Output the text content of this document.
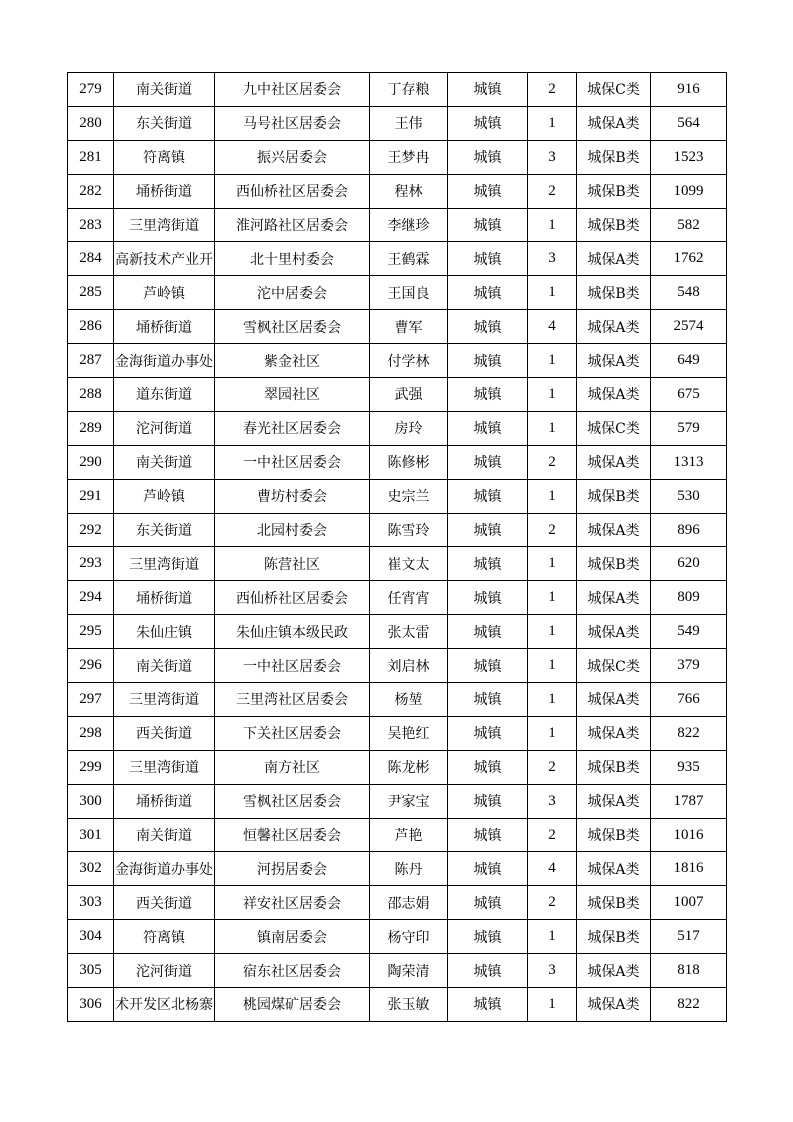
279	南关街道	九中社区居委会	丁存粮	城镇	2	城保C类	916
280	东关街道	马号社区居委会	王伟	城镇	1	城保A类	564
281	符离镇	振兴居委会	王梦冉	城镇	3	城保B类	1523
282	埇桥街道	西仙桥社区居委会	程林	城镇	2	城保B类	1099
283	三里湾街道	淮河路社区居委会	李继珍	城镇	1	城保B类	582
284	高新技术产业开	北十里村委会	王鹤霖	城镇	3	城保A类	1762
285	芦岭镇	沱中居委会	王国良	城镇	1	城保B类	548
286	埇桥街道	雪枫社区居委会	曹军	城镇	4	城保A类	2574
287	金海街道办事处	紫金社区	付学林	城镇	1	城保A类	649
288	道东街道	翠园社区	武强	城镇	1	城保A类	675
289	沱河街道	春光社区居委会	房玲	城镇	1	城保C类	579
290	南关街道	一中社区居委会	陈修彬	城镇	2	城保A类	1313
291	芦岭镇	曹坊村委会	史宗兰	城镇	1	城保B类	530
292	东关街道	北园村委会	陈雪玲	城镇	2	城保A类	896
293	三里湾街道	陈营社区	崔文太	城镇	1	城保B类	620
294	埇桥街道	西仙桥社区居委会	任宵宵	城镇	1	城保A类	809
295	朱仙庄镇	朱仙庄镇本级民政	张太雷	城镇	1	城保A类	549
296	南关街道	一中社区居委会	刘启林	城镇	1	城保C类	379
297	三里湾街道	三里湾社区居委会	杨堃	城镇	1	城保A类	766
298	西关街道	下关社区居委会	吴艳红	城镇	1	城保A类	822
299	三里湾街道	南方社区	陈龙彬	城镇	2	城保B类	935
300	埇桥街道	雪枫社区居委会	尹家宝	城镇	3	城保A类	1787
301	南关街道	恒馨社区居委会	芦艳	城镇	2	城保B类	1016
302	金海街道办事处	河拐居委会	陈丹	城镇	4	城保A类	1816
303	西关街道	祥安社区居委会	邵志娟	城镇	2	城保B类	1007
304	符离镇	镇南居委会	杨守印	城镇	1	城保B类	517
305	沱河街道	宿东社区居委会	陶荣清	城镇	3	城保A类	818
306	术开发区北杨寨	桃园煤矿居委会	张玉敏	城镇	1	城保A类	822
